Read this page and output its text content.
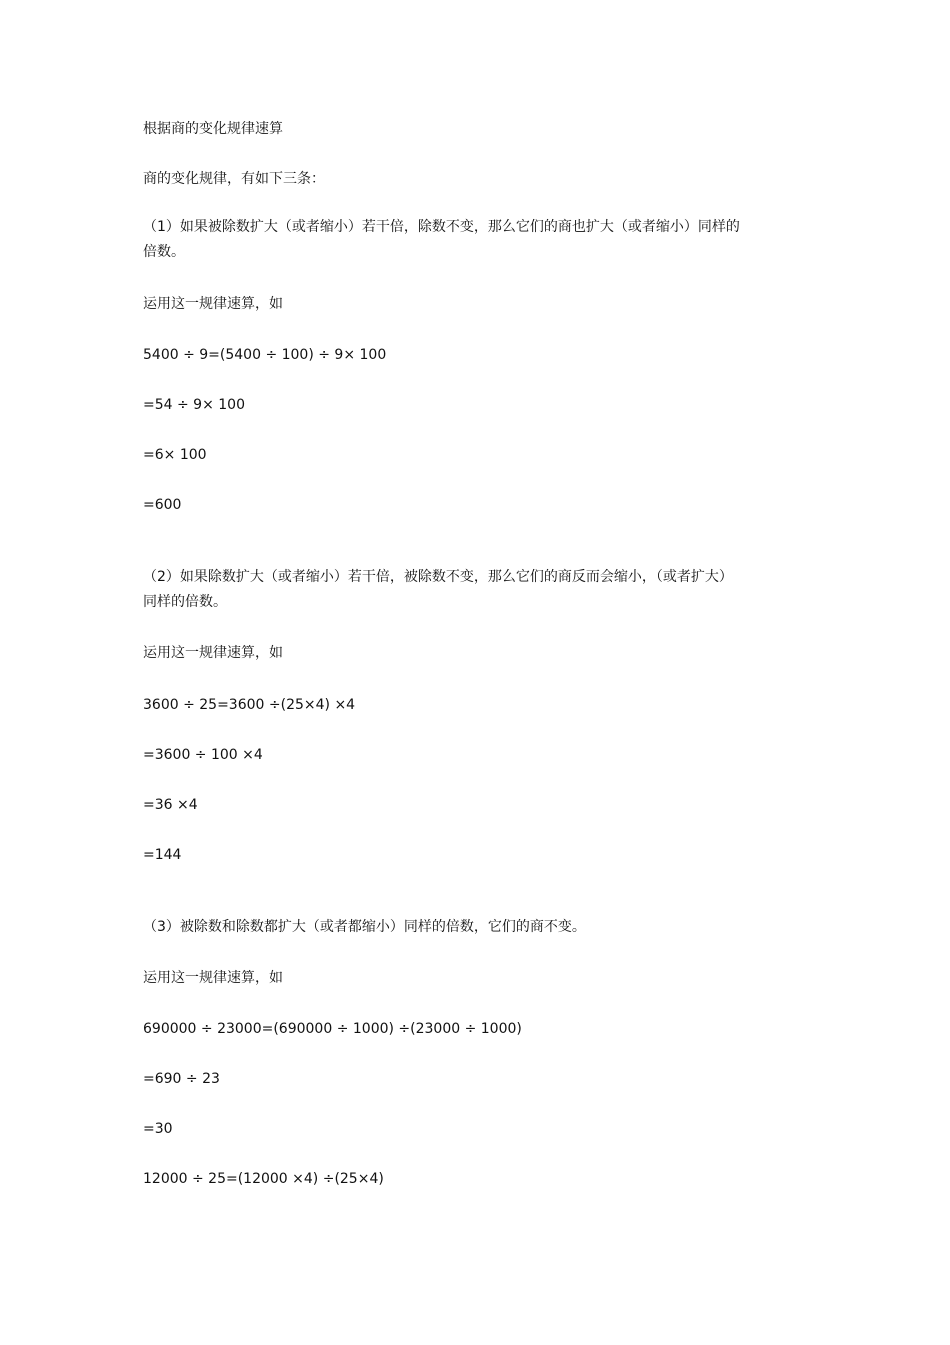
根据商的变化规律速算
商的变化规律，有如下三条：
（1）如果被除数扩大（或者缩小）若干倍，除数不变，那么它们的商也扩大（或者缩小）同样的倍数。
运用这一规律速算，如
5400 ÷ 9=(5400 ÷ 100) ÷ 9× 100
=54 ÷ 9× 100
=6× 100
=600
（2）如果除数扩大（或者缩小）若干倍，被除数不变，那么它们的商反而会缩小，（或者扩大）同样的倍数。
运用这一规律速算，如
3600 ÷ 25=3600 ÷(25×4) ×4
=3600 ÷ 100 ×4
=36 ×4
=144
（3）被除数和除数都扩大（或者都缩小）同样的倍数，它们的商不变。
运用这一规律速算，如
690000 ÷ 23000=(690000 ÷ 1000) ÷(23000 ÷ 1000)
=690 ÷ 23
=30
12000 ÷ 25=(12000 ×4) ÷(25×4)
